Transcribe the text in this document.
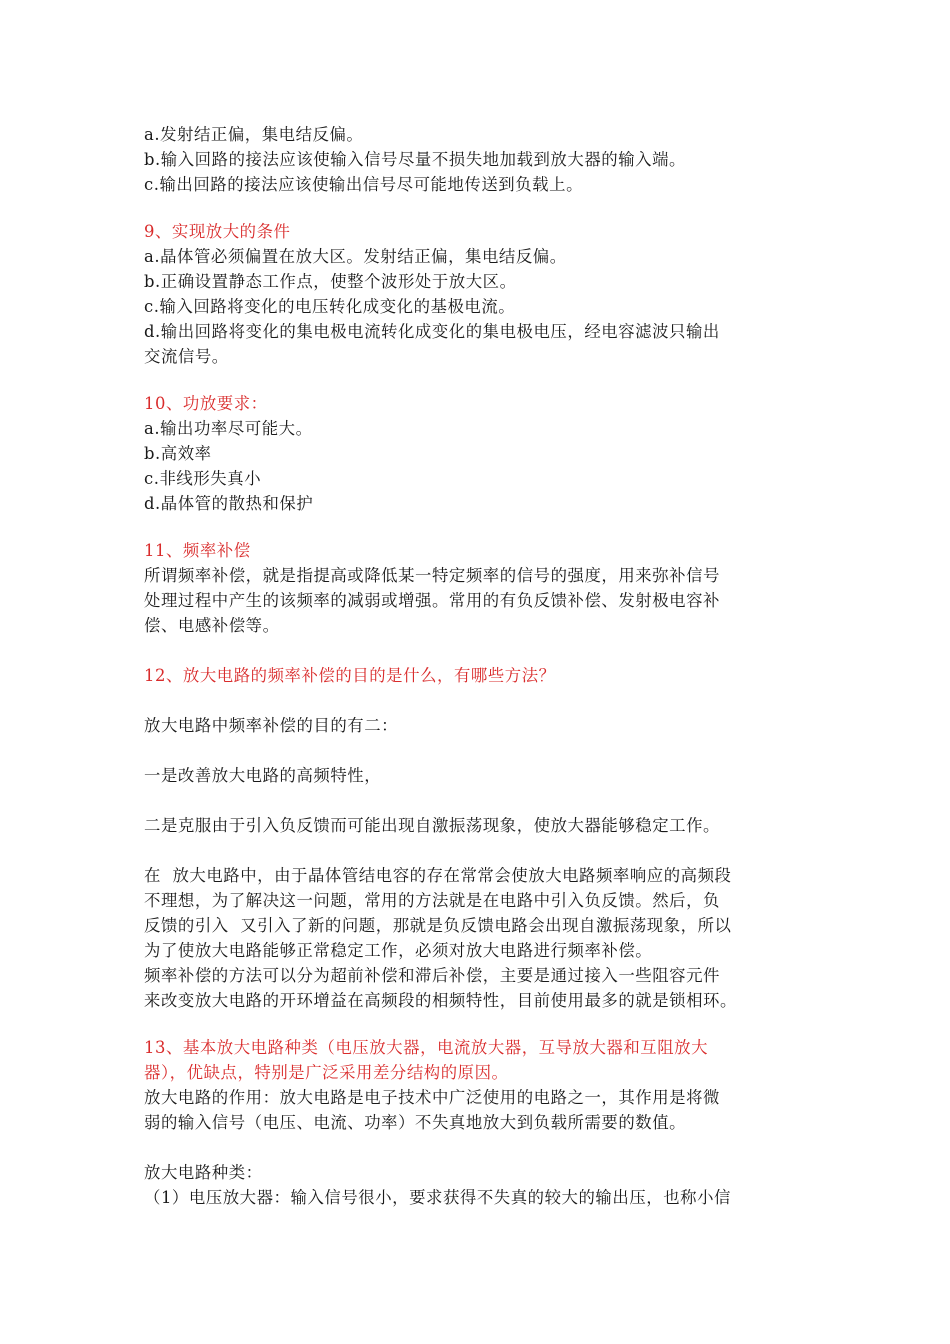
a.发射结正偏，集电结反偏。
b.输入回路的接法应该使输入信号尽量不损失地加载到放大器的输入端。
c.输出回路的接法应该使输出信号尽可能地传送到负载上。
9、实现放大的条件
a.晶体管必须偏置在放大区。发射结正偏，集电结反偏。
b.正确设置静态工作点，使整个波形处于放大区。
c.输入回路将变化的电压转化成变化的基极电流。
d.输出回路将变化的集电极电流转化成变化的集电极电压，经电容滤波只输出
交流信号。
10、功放要求：
a.输出功率尽可能大。
b.高效率
c.非线形失真小
d.晶体管的散热和保护
11、频率补偿
所谓频率补偿，就是指提高或降低某一特定频率的信号的强度，用来弥补信号
处理过程中产生的该频率的减弱或增强。常用的有负反馈补偿、发射极电容补
偿、电感补偿等。
12、放大电路的频率补偿的目的是什么，有哪些方法？
放大电路中频率补偿的目的有二：
一是改善放大电路的高频特性，
二是克服由于引入负反馈而可能出现自激振荡现象，使放大器能够稳定工作。
在  放大电路中，由于晶体管结电容的存在常常会使放大电路频率响应的高频段
不理想，为了解决这一问题，常用的方法就是在电路中引入负反馈。然后，负
反馈的引入  又引入了新的问题，那就是负反馈电路会出现自激振荡现象，所以
为了使放大电路能够正常稳定工作，必须对放大电路进行频率补偿。
频率补偿的方法可以分为超前补偿和滞后补偿，主要是通过接入一些阻容元件
来改变放大电路的开环增益在高频段的相频特性，目前使用最多的就是锁相环。
13、基本放大电路种类（电压放大器，电流放大器，互导放大器和互阻放大
器），优缺点，特别是广泛采用差分结构的原因。
放大电路的作用：放大电路是电子技术中广泛使用的电路之一，其作用是将微
弱的输入信号（电压、电流、功率）不失真地放大到负载所需要的数值。
放大电路种类：
（1）电压放大器：输入信号很小，要求获得不失真的较大的输出压，也称小信
